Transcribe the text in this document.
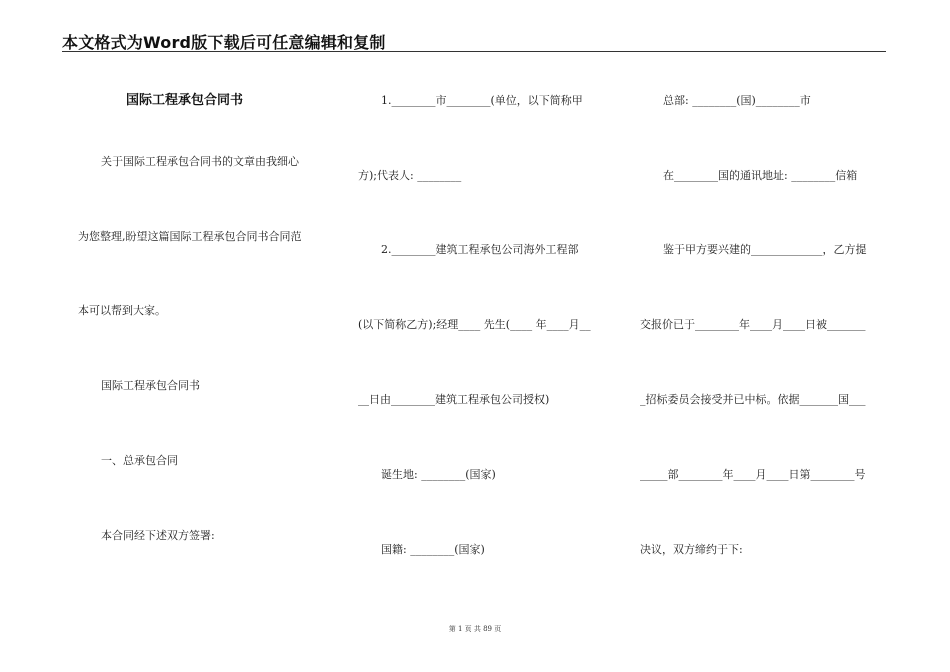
本文格式为Word版下载后可任意编辑和复制
国际工程承包合同书
关于国际工程承包合同书的文章由我细心
为您整理,盼望这篇国际工程承包合同书合同范
本可以帮到大家。
国际工程承包合同书
一、总承包合同
本合同经下述双方签署:
1.________市________(单位，以下简称甲
方);代表人: ________
2.________建筑工程承包公司海外工程部
(以下简称乙方);经理____ 先生(____ 年____月__
__日由________建筑工程承包公司授权)
诞生地: ________(国家)
国籍: ________(国家)
总部: ________(国)________市
在________国的通讯地址: ________信箱
鉴于甲方要兴建的_____________，乙方提
交报价已于________年____月____日被_______
_招标委员会接受并已中标。依据_______国___
_____部________年____月____日第________号
决议，双方缔约于下:
第 1 页 共 89 页
